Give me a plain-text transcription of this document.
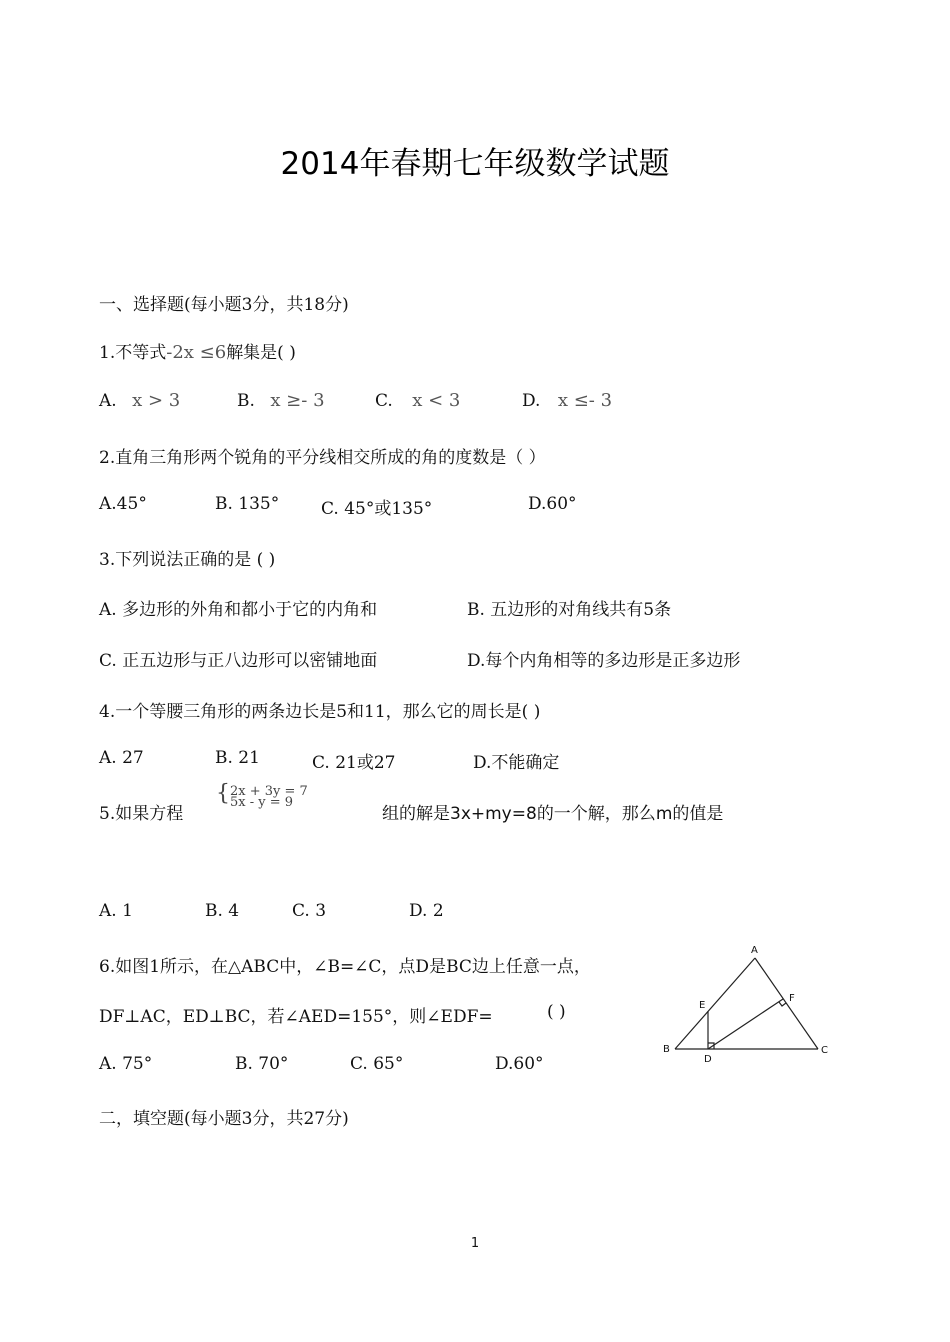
2014年春期七年级数学试题
一、选择题(每小题3分，共18分)
1.不等式-2x ≤6解集是( )
A. x > 3	B. x ≥- 3	C. x < 3	D. x ≤- 3
2.直角三角形两个锐角的平分线相交所成的角的度数是（ ）
A.45°	B. 135° C. 45°或135°	D.60°
3.下列说法正确的是 ( )
A. 多边形的外角和都小于它的内角和	B. 五边形的对角线共有5条
C. 正五边形与正八边形可以密铺地面	D.每个内角相等的多边形是正多边形
4.一个等腰三角形的两条边长是5和11，那么它的周长是( )
A. 27	B. 21	C. 21或27	D.不能确定
5.如果方程
{ 2x + 3y = 7
5x - y = 9
组的解是3x+my=8的一个解，那么m的值是
A. 1	B. 4	C. 3	D. 2
6.如图1所示，在△ABC中，∠B=∠C，点D是BC边上任意一点，
DF⊥AC，ED⊥BC，若∠AED=155°，则∠EDF=	( )
A. 75°	B. 70°	C. 65°	D.60°
A
B	C
D
E
F
二，填空题(每小题3分，共27分)
1
